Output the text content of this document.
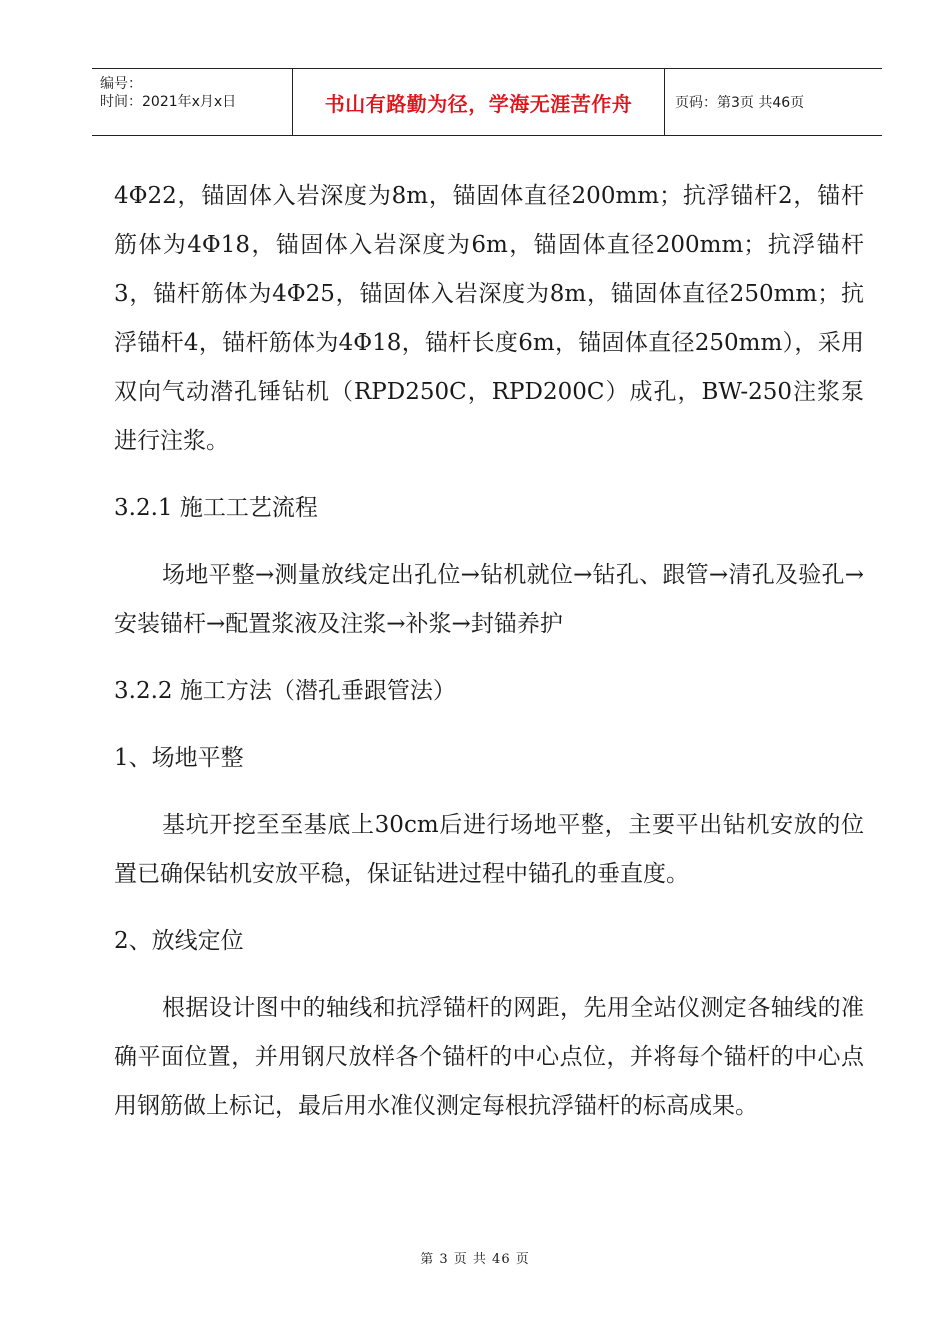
编号：
时间：2021年x月x日	书山有路勤为径，学海无涯苦作舟	页码：第3页 共46页

4Φ22，锚固体入岩深度为8m，锚固体直径200mm；抗浮锚杆2，锚杆筋体为4Φ18，锚固体入岩深度为6m，锚固体直径200mm；抗浮锚杆3，锚杆筋体为4Φ25，锚固体入岩深度为8m，锚固体直径250mm；抗浮锚杆4，锚杆筋体为4Φ18，锚杆长度6m，锚固体直径250mm），采用双向气动潜孔锤钻机（RPD250C，RPD200C）成孔，BW-250注浆泵进行注浆。

3.2.1 施工工艺流程

场地平整→测量放线定出孔位→钻机就位→钻孔、跟管→清孔及验孔→安装锚杆→配置浆液及注浆→补浆→封锚养护

3.2.2 施工方法（潜孔垂跟管法）

1、场地平整

基坑开挖至至基底上30cm后进行场地平整，主要平出钻机安放的位置已确保钻机安放平稳，保证钻进过程中锚孔的垂直度。

2、放线定位

根据设计图中的轴线和抗浮锚杆的网距，先用全站仪测定各轴线的准确平面位置，并用钢尺放样各个锚杆的中心点位，并将每个锚杆的中心点用钢筋做上标记，最后用水准仪测定每根抗浮锚杆的标高成果。

第 3 页 共 46 页
